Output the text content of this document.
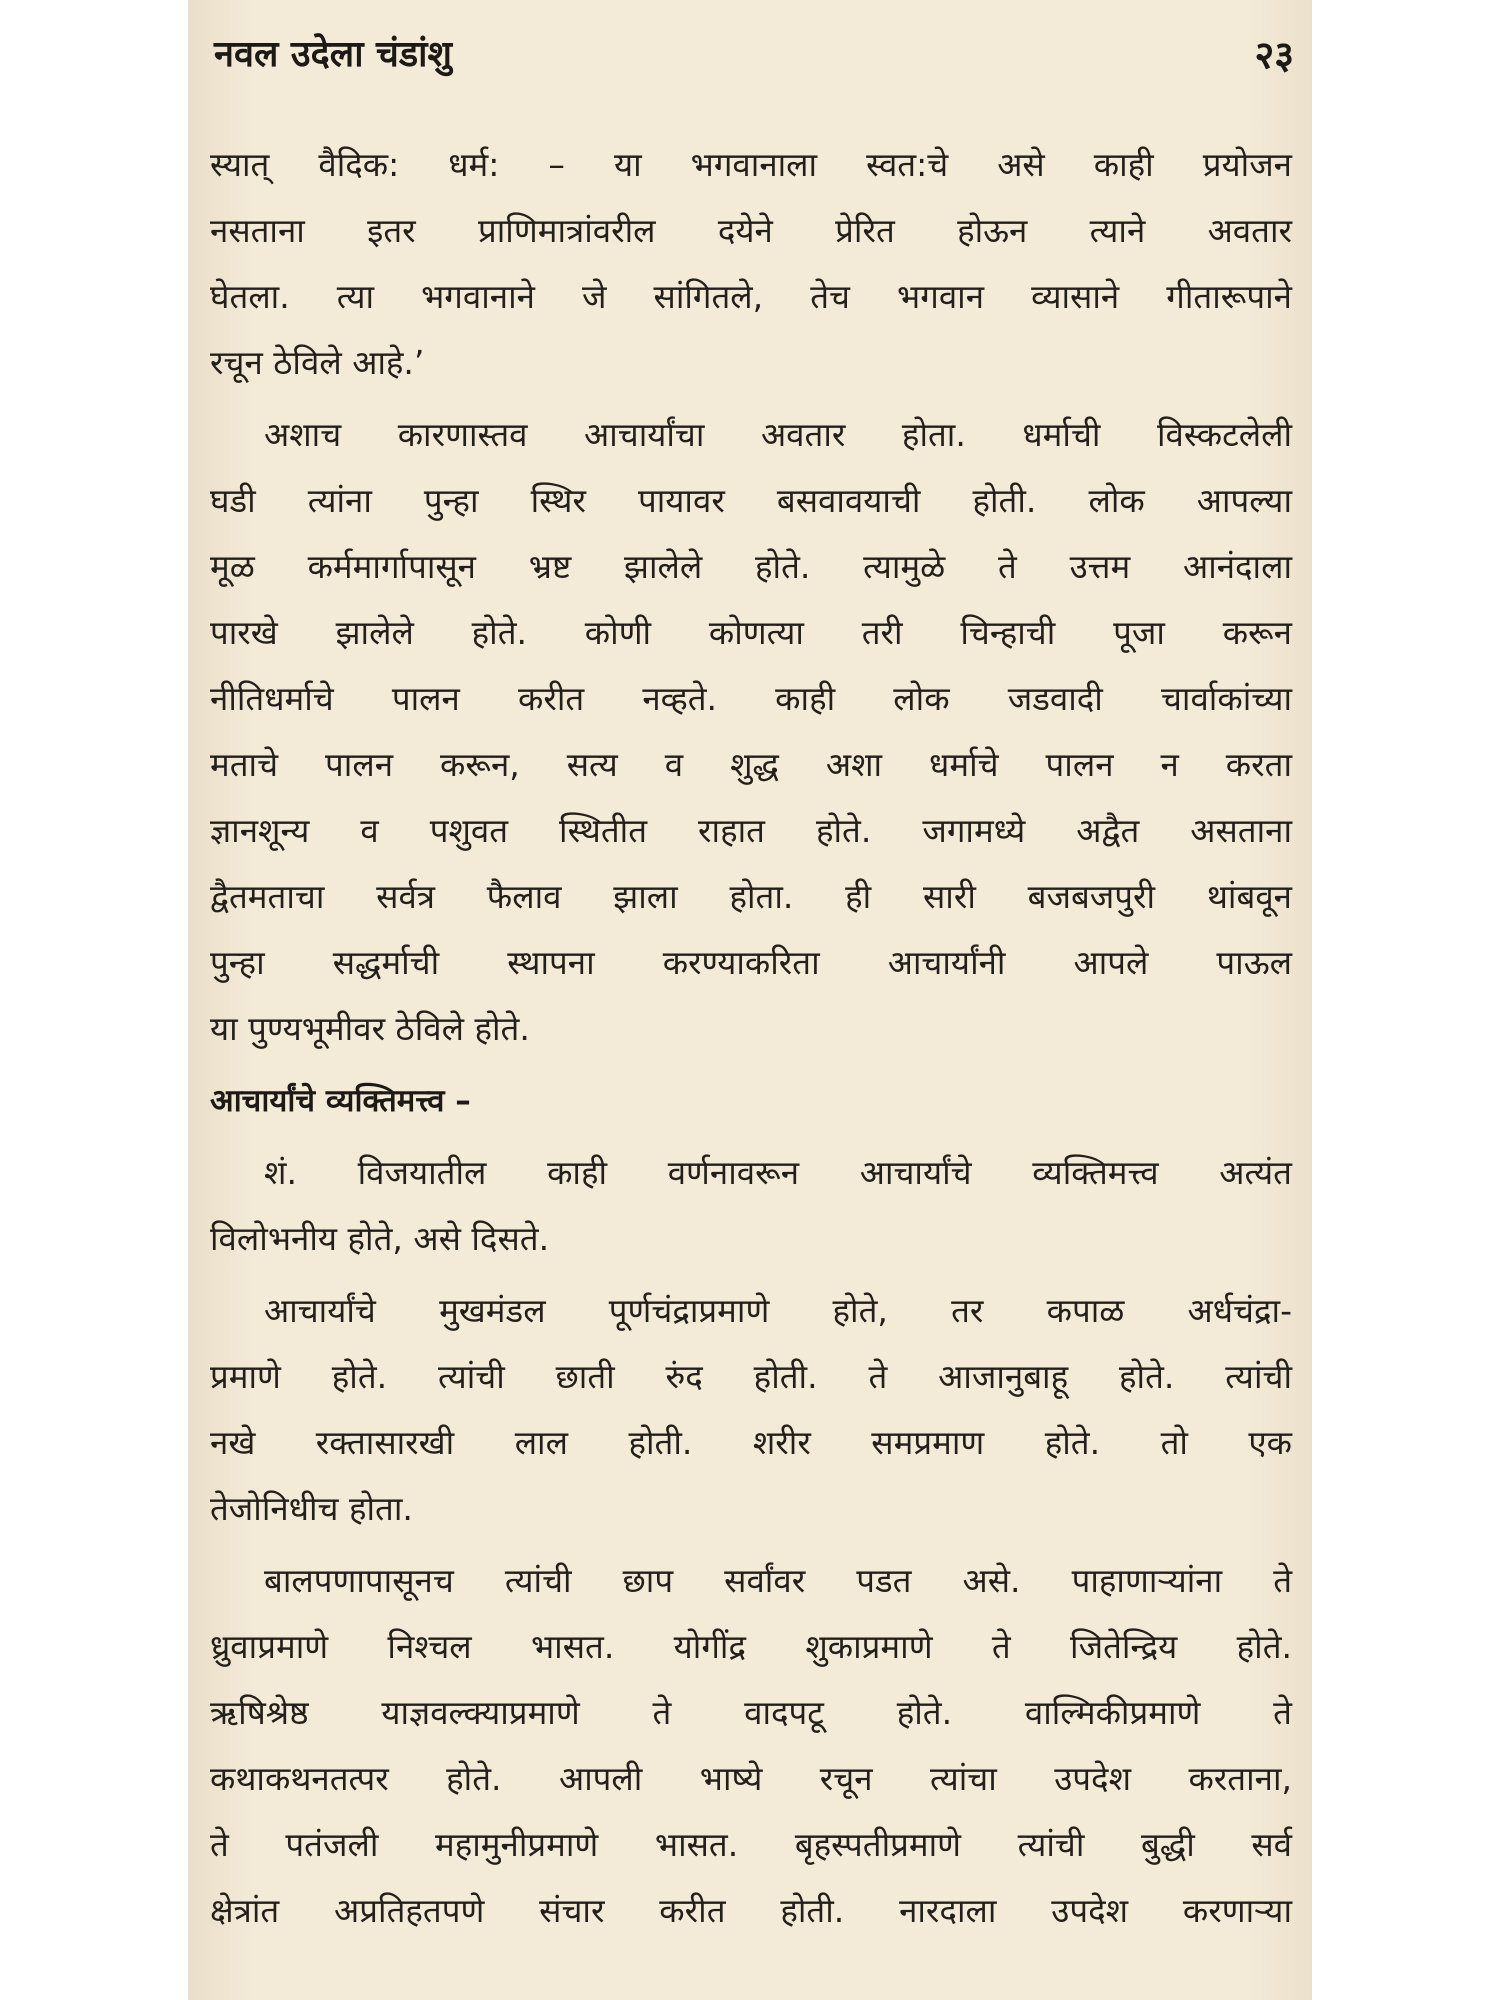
नवल उदेला चंडांशु	२३

स्यात् वैदिक: धर्म: – या भगवानाला स्वत:चे असे काही प्रयोजन
नसताना इतर प्राणिमात्रांवरील दयेने प्रेरित होऊन त्याने अवतार
घेतला. त्या भगवानाने जे सांगितले, तेच भगवान व्यासाने गीतारूपाने
रचून ठेविले आहे.’

अशाच कारणास्तव आचार्यांचा अवतार होता. धर्माची विस्कटलेली
घडी त्यांना पुन्हा स्थिर पायावर बसवावयाची होती. लोक आपल्या
मूळ कर्ममार्गापासून भ्रष्ट झालेले होते. त्यामुळे ते उत्तम आनंदाला
पारखे झालेले होते. कोणी कोणत्या तरी चिन्हाची पूजा करून
नीतिधर्माचे पालन करीत नव्हते. काही लोक जडवादी चार्वाकांच्या
मताचे पालन करून, सत्य व शुद्ध अशा धर्माचे पालन न करता
ज्ञानशून्य व पशुवत स्थितीत राहात होते. जगामध्ये अद्वैत असताना
द्वैतमताचा सर्वत्र फैलाव झाला होता. ही सारी बजबजपुरी थांबवून
पुन्हा सद्धर्माची स्थापना करण्याकरिता आचार्यांनी आपले पाऊल
या पुण्यभूमीवर ठेविले होते.

आचार्यांचे व्यक्तिमत्त्व –

शं. विजयातील काही वर्णनावरून आचार्यांचे व्यक्तिमत्त्व अत्यंत
विलोभनीय होते, असे दिसते.

आचार्यांचे मुखमंडल पूर्णचंद्राप्रमाणे होते, तर कपाळ अर्धचंद्रा-
प्रमाणे होते. त्यांची छाती रुंद होती. ते आजानुबाहू होते. त्यांची
नखे रक्तासारखी लाल होती. शरीर समप्रमाण होते. तो एक
तेजोनिधीच होता.

बालपणापासूनच त्यांची छाप सर्वांवर पडत असे. पाहाणाऱ्यांना ते
ध्रुवाप्रमाणे निश्चल भासत. योगींद्र शुकाप्रमाणे ते जितेन्द्रिय होते.
ऋषिश्रेष्ठ याज्ञवल्क्याप्रमाणे ते वादपटू होते. वाल्मिकीप्रमाणे ते
कथाकथनतत्पर होते. आपली भाष्ये रचून त्यांचा उपदेश करताना,
ते पतंजली महामुनीप्रमाणे भासत. बृहस्पतीप्रमाणे त्यांची बुद्धी सर्व
क्षेत्रांत अप्रतिहतपणे संचार करीत होती. नारदाला उपदेश करणाऱ्या
